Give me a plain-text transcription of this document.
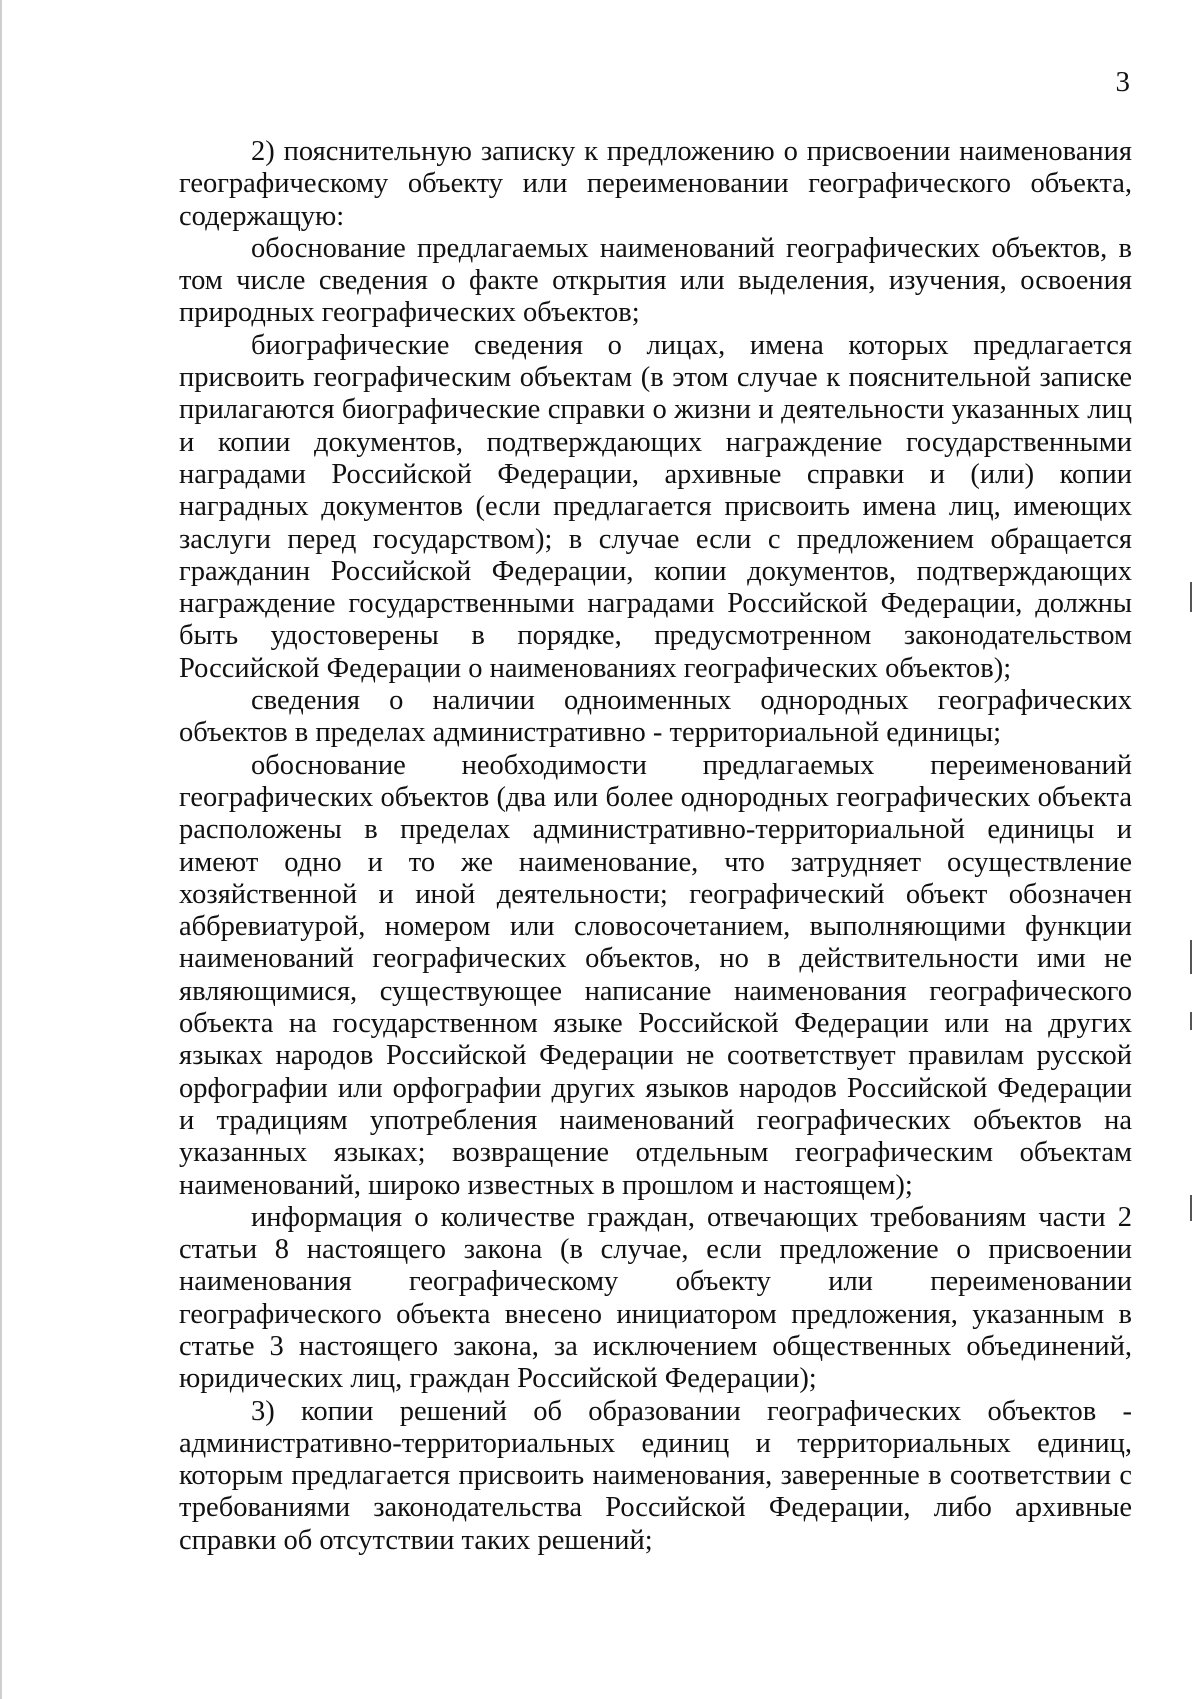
3

2) пояснительную записку к предложению о присвоении наименования географическому объекту или переименовании географического объекта, содержащую:

обоснование предлагаемых наименований географических объектов, в том числе сведения о факте открытия или выделения, изучения, освоения природных географических объектов;

биографические сведения о лицах, имена которых предлагается присвоить географическим объектам (в этом случае к пояснительной записке прилагаются биографические справки о жизни и деятельности указанных лиц и копии документов, подтверждающих награждение государственными наградами Российской Федерации, архивные справки и (или) копии наградных документов (если предлагается присвоить имена лиц, имеющих заслуги перед государством); в случае если с предложением обращается гражданин Российской Федерации, копии документов, подтверждающих награждение государственными наградами Российской Федерации, должны быть удостоверены в порядке, предусмотренном законодательством Российской Федерации о наименованиях географических объектов);

сведения о наличии одноименных однородных географических объектов в пределах административно - территориальной единицы;

обоснование необходимости предлагаемых переименований географических объектов (два или более однородных географических объекта расположены в пределах административно-территориальной единицы и имеют одно и то же наименование, что затрудняет осуществление хозяйственной и иной деятельности; географический объект обозначен аббревиатурой, номером или словосочетанием, выполняющими функции наименований географических объектов, но в действительности ими не являющимися, существующее написание наименования географического объекта на государственном языке Российской Федерации или на других языках народов Российской Федерации не соответствует правилам русской орфографии или орфографии других языков народов Российской Федерации и традициям употребления наименований географических объектов на указанных языках; возвращение отдельным географическим объектам наименований, широко известных в прошлом и настоящем);

информация о количестве граждан, отвечающих требованиям части 2 статьи 8 настоящего закона (в случае, если предложение о присвоении наименования географическому объекту или переименовании географического объекта внесено инициатором предложения, указанным в статье 3 настоящего закона, за исключением общественных объединений, юридических лиц, граждан Российской Федерации);

3) копии решений об образовании географических объектов - административно-территориальных единиц и территориальных единиц, которым предлагается присвоить наименования, заверенные в соответствии с требованиями законодательства Российской Федерации, либо архивные справки об отсутствии таких решений;
